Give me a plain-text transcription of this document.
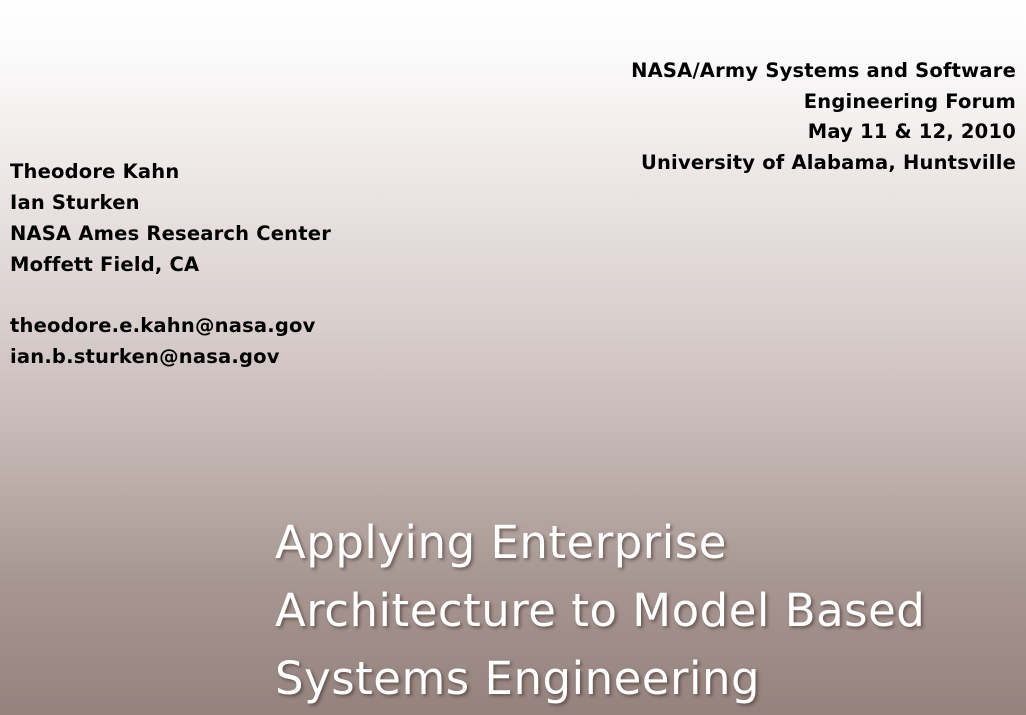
NASA/Army Systems and Software
Engineering Forum
May 11 & 12, 2010
University of Alabama, Huntsville
Theodore Kahn
Ian Sturken
NASA Ames Research Center
Moffett Field, CA
theodore.e.kahn@nasa.gov
ian.b.sturken@nasa.gov
Applying Enterprise
Architecture to Model Based
Systems Engineering
